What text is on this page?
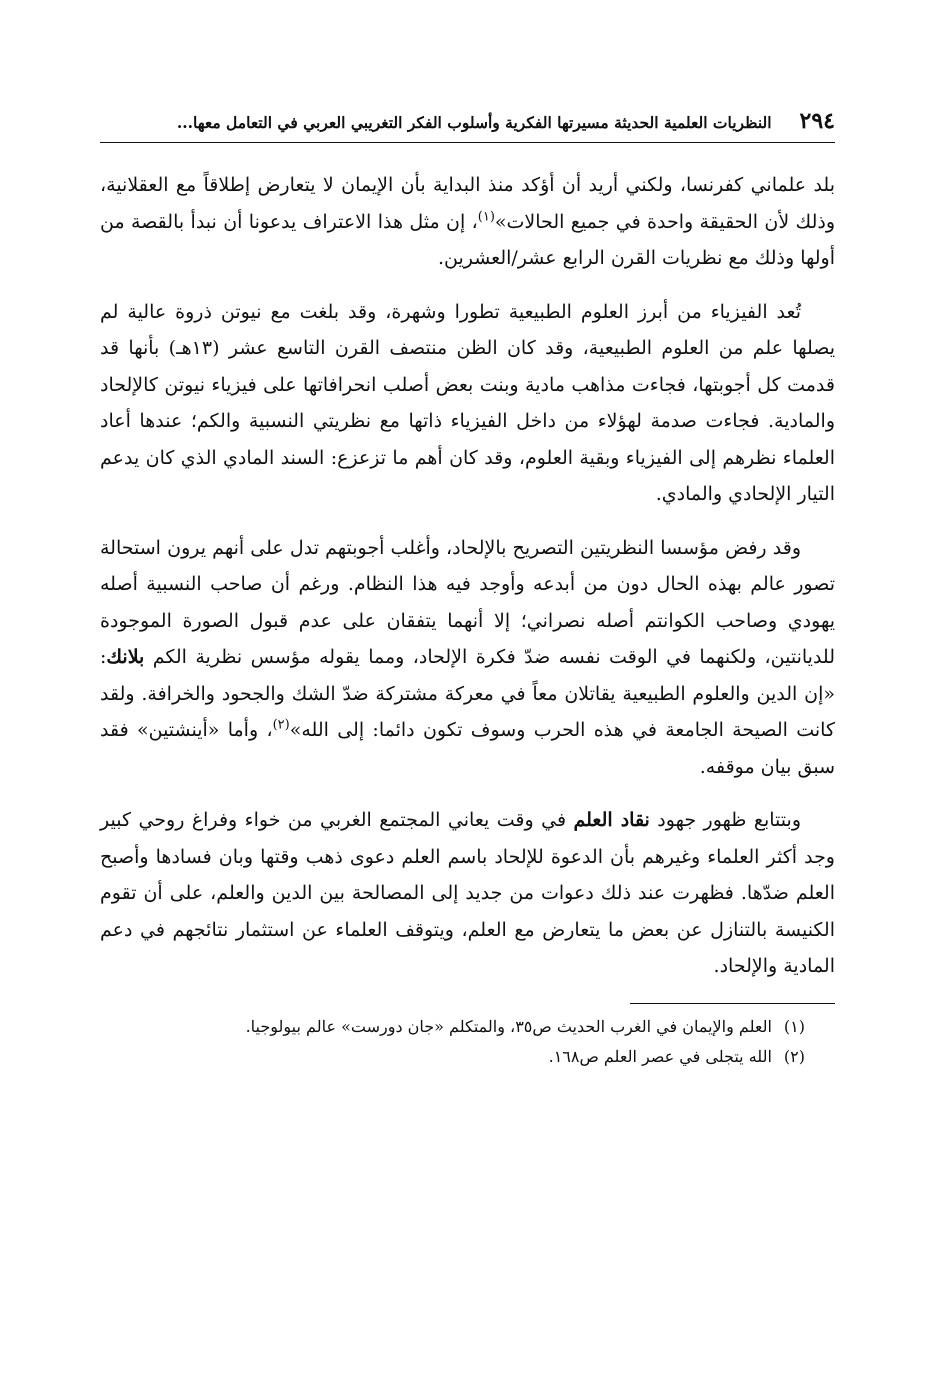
٢٩٤
النظريات العلمية الحديثة مسيرتها الفكرية وأسلوب الفكر التغريبي العربي في التعامل معها...

بلد علماني كفرنسا، ولكني أريد أن أؤكد منذ البداية بأن الإيمان لا يتعارض إطلاقاً مع العقلانية، وذلك لأن الحقيقة واحدة في جميع الحالات»$^{(١)}$، إن مثل هذا الاعتراف يدعونا أن نبدأ بالقصة من أولها وذلك مع نظريات القرن الرابع عشر/العشرين.

تُعد الفيزياء من أبرز العلوم الطبيعية تطورا وشهرة، وقد بلغت مع نيوتن ذروة عالية لم يصلها علم من العلوم الطبيعية، وقد كان الظن منتصف القرن التاسع عشر (١٣هـ) بأنها قد قدمت كل أجوبتها، فجاءت مذاهب مادية وبنت بعض أصلب انحرافاتها على فيزياء نيوتن كالإلحاد والمادية. فجاءت صدمة لهؤلاء من داخل الفيزياء ذاتها مع نظريتي النسبية والكم؛ عندها أعاد العلماء نظرهم إلى الفيزياء وبقية العلوم، وقد كان أهم ما تزعزع: السند المادي الذي كان يدعم التيار الإلحادي والمادي.

وقد رفض مؤسسا النظريتين التصريح بالإلحاد، وأغلب أجوبتهم تدل على أنهم يرون استحالة تصور عالم بهذه الحال دون من أبدعه وأوجد فيه هذا النظام. ورغم أن صاحب النسبية أصله يهودي وصاحب الكوانتم أصله نصراني؛ إلا أنهما يتفقان على عدم قبول الصورة الموجودة للديانتين، ولكنهما في الوقت نفسه ضدّ فكرة الإلحاد، ومما يقوله مؤسس نظرية الكم بلانك: «إن الدين والعلوم الطبيعية يقاتلان معاً في معركة مشتركة ضدّ الشك والجحود والخرافة. ولقد كانت الصيحة الجامعة في هذه الحرب وسوف تكون دائما: إلى الله»$^{(٢)}$، وأما «أينشتين» فقد سبق بيان موقفه.

وبتتابع ظهور جهود نقاد العلم في وقت يعاني المجتمع الغربي من خواء وفراغ روحي كبير وجد أكثر العلماء وغيرهم بأن الدعوة للإلحاد باسم العلم دعوى ذهب وقتها وبان فسادها وأصبح العلم ضدّها. فظهرت عند ذلك دعوات من جديد إلى المصالحة بين الدين والعلم، على أن تقوم الكنيسة بالتنازل عن بعض ما يتعارض مع العلم، ويتوقف العلماء عن استثمار نتائجهم في دعم المادية والإلحاد.

(١)
العلم والإيمان في الغرب الحديث ص٣٥، والمتكلم «جان دورست» عالم بيولوجيا.
(٢)
الله يتجلى في عصر العلم ص١٦٨.
